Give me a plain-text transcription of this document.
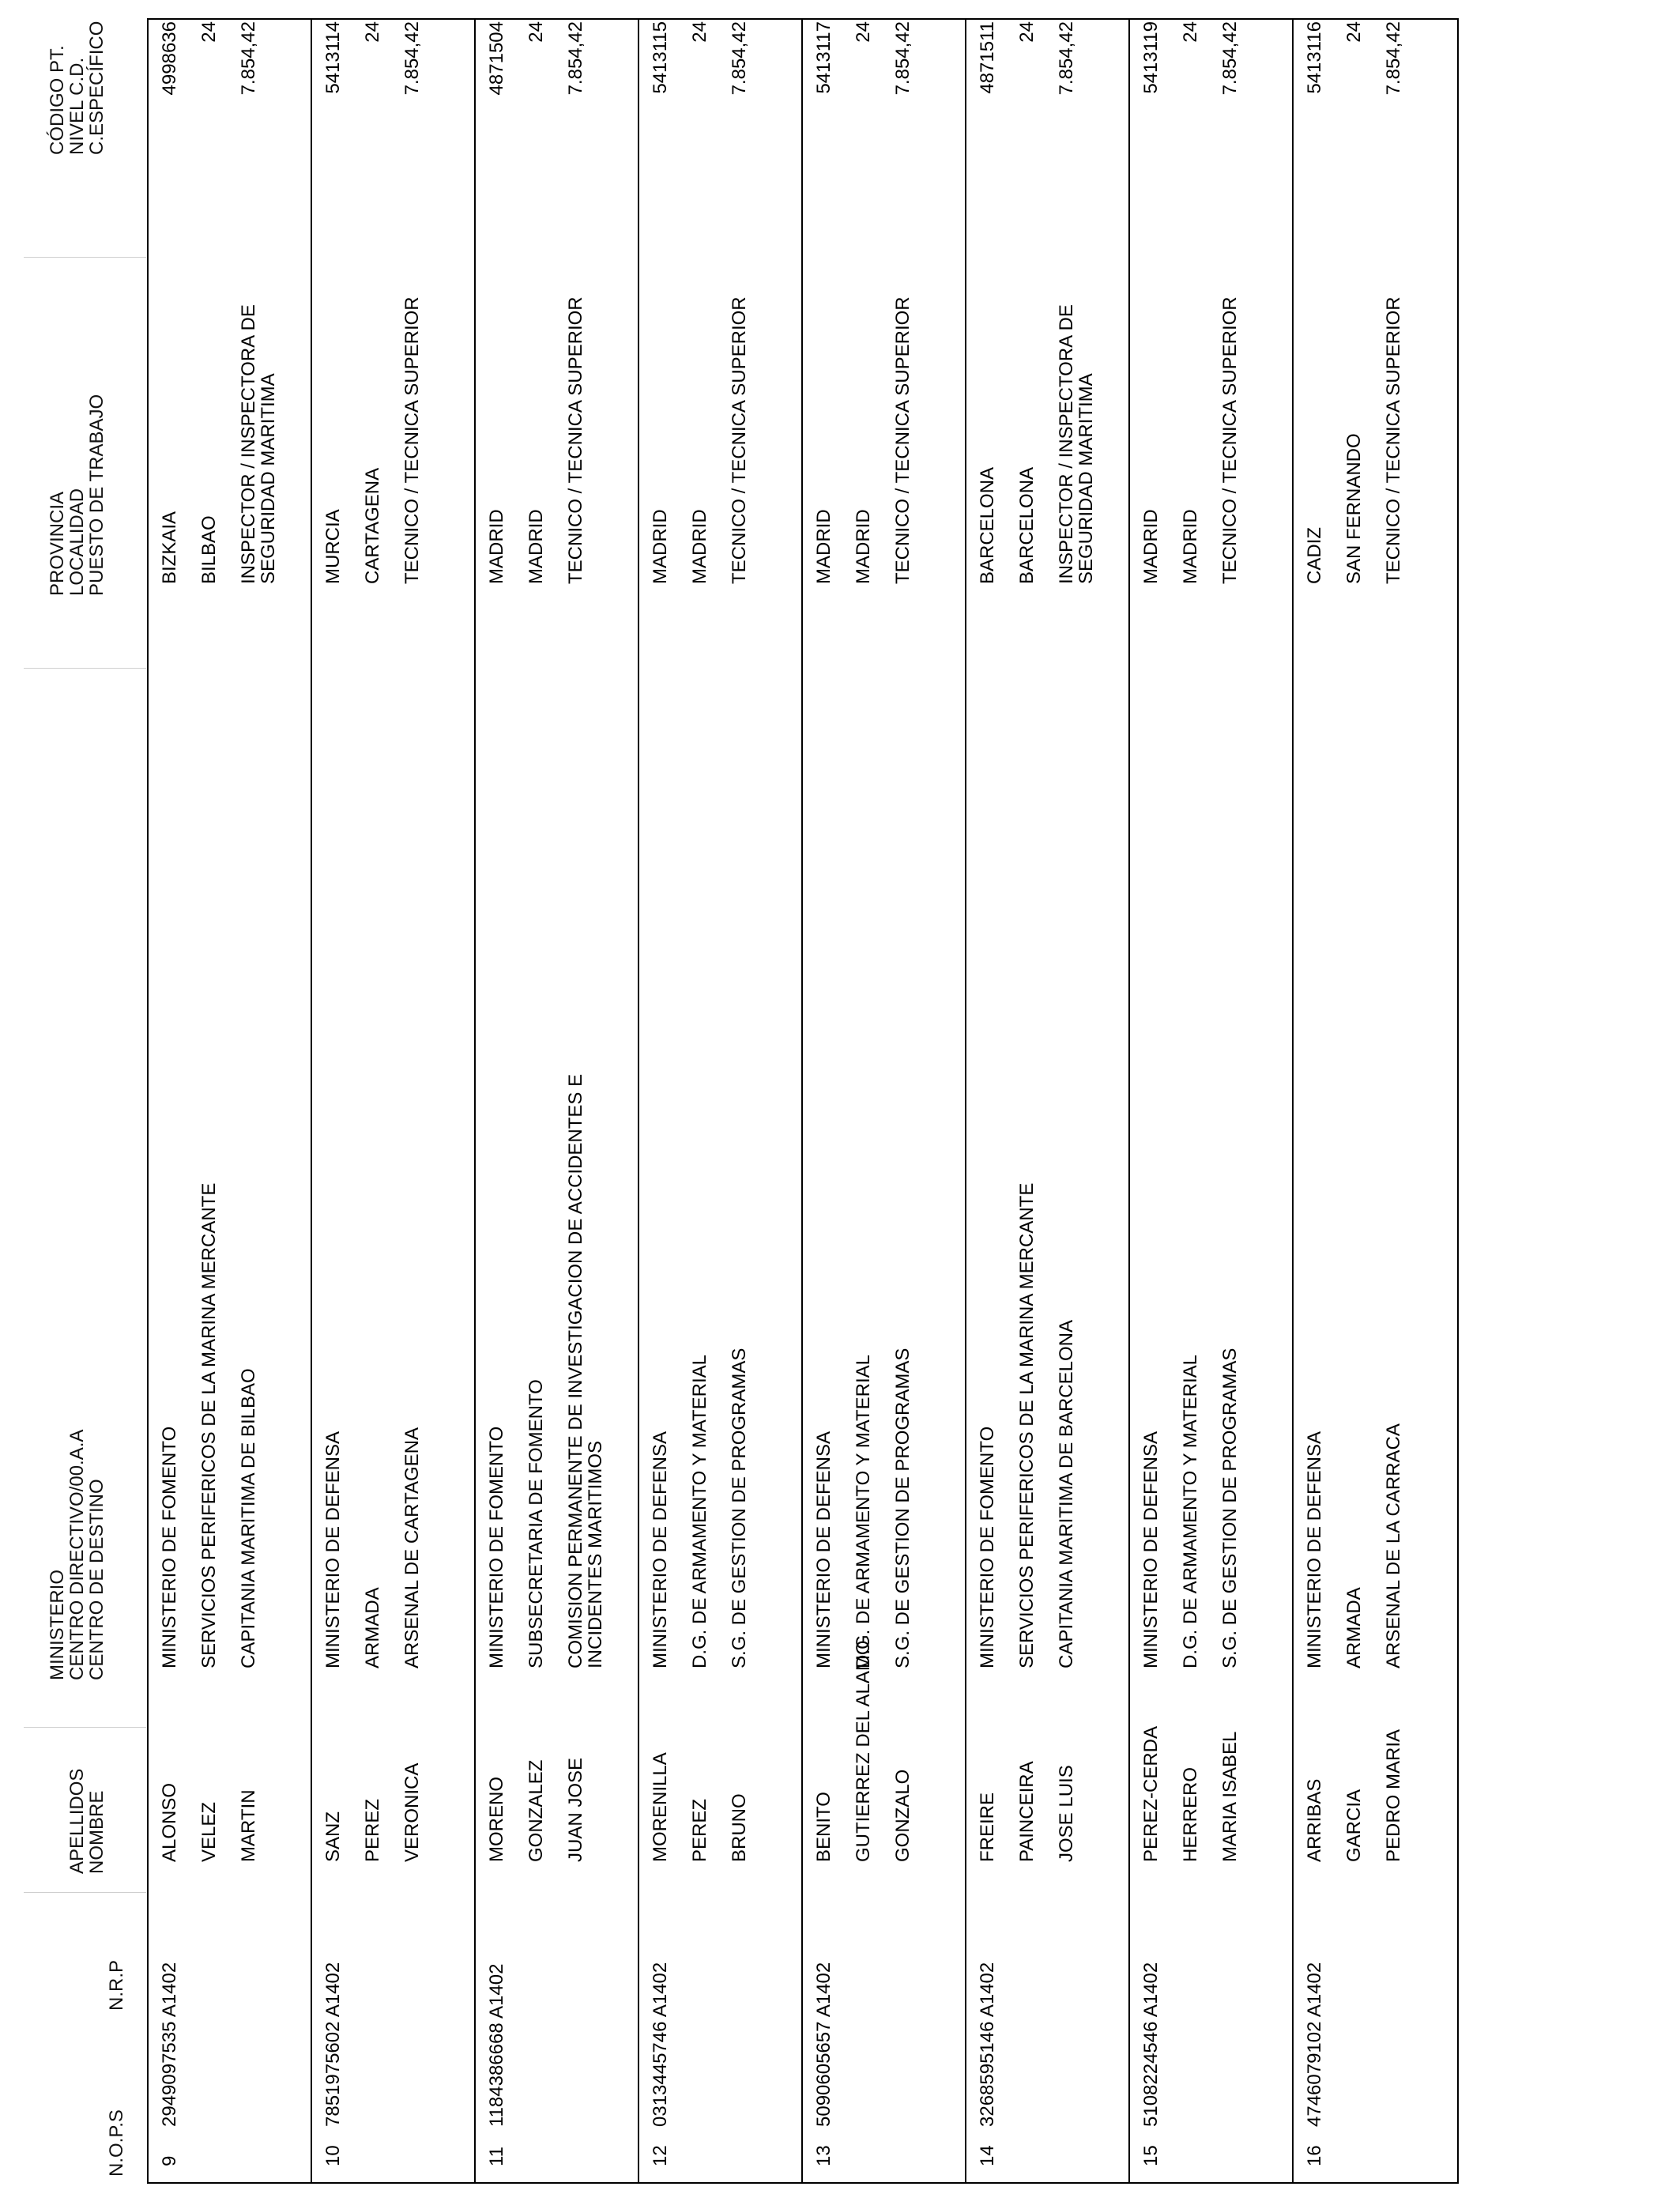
N.O.P.S
N.R.P
APELLIDOS
NOMBRE
MINISTERIO
CENTRO DIRECTIVO/00.A.A
CENTRO DE DESTINO
PROVINCIA
LOCALIDAD
PUESTO DE TRABAJO
CÓDIGO PT.
NIVEL C.D.
C.ESPECÍFICO
9
2949097535 A1402
ALONSO VELEZ MARTIN
MINISTERIO DE FOMENTO SERVICIOS PERIFERICOS DE LA MARINA MERCANTE CAPITANIA MARITIMA DE BILBAO
BIZKAIA BILBAO INSPECTOR / INSPECTORA DE SEGURIDAD MARITIMA
4998636 24 7.854,42
10
7851975602 A1402
SANZ PEREZ VERONICA
MINISTERIO DE DEFENSA ARMADA ARSENAL DE CARTAGENA
MURCIA CARTAGENA TECNICO / TECNICA SUPERIOR
5413114 24 7.854,42
11
1184386668 A1402
MORENO GONZALEZ JUAN JOSE
MINISTERIO DE FOMENTO SUBSECRETARIA DE FOMENTO COMISION PERMANENTE DE INVESTIGACION DE ACCIDENTES E INCIDENTES MARITIMOS
MADRID MADRID TECNICO / TECNICA SUPERIOR
4871504 24 7.854,42
12
0313445746 A1402
MORENILLA PEREZ BRUNO
MINISTERIO DE DEFENSA D.G. DE ARMAMENTO Y MATERIAL S.G. DE GESTION DE PROGRAMAS
MADRID MADRID TECNICO / TECNICA SUPERIOR
5413115 24 7.854,42
13
5090605657 A1402
BENITO GUTIERREZ DEL ALAMO GONZALO
MINISTERIO DE DEFENSA D.G. DE ARMAMENTO Y MATERIAL S.G. DE GESTION DE PROGRAMAS
MADRID MADRID TECNICO / TECNICA SUPERIOR
5413117 24 7.854,42
14
3268595146 A1402
FREIRE PAINCEIRA JOSE LUIS
MINISTERIO DE FOMENTO SERVICIOS PERIFERICOS DE LA MARINA MERCANTE CAPITANIA MARITIMA DE BARCELONA
BARCELONA BARCELONA INSPECTOR / INSPECTORA DE SEGURIDAD MARITIMA
4871511 24 7.854,42
15
5108224546 A1402
PEREZ-CERDA HERRERO MARIA ISABEL
MINISTERIO DE DEFENSA D.G. DE ARMAMENTO Y MATERIAL S.G. DE GESTION DE PROGRAMAS
MADRID MADRID TECNICO / TECNICA SUPERIOR
5413119 24 7.854,42
16
4746079102 A1402
ARRIBAS GARCIA PEDRO MARIA
MINISTERIO DE DEFENSA ARMADA ARSENAL DE LA CARRACA
CADIZ SAN FERNANDO TECNICO / TECNICA SUPERIOR
5413116 24 7.854,42
